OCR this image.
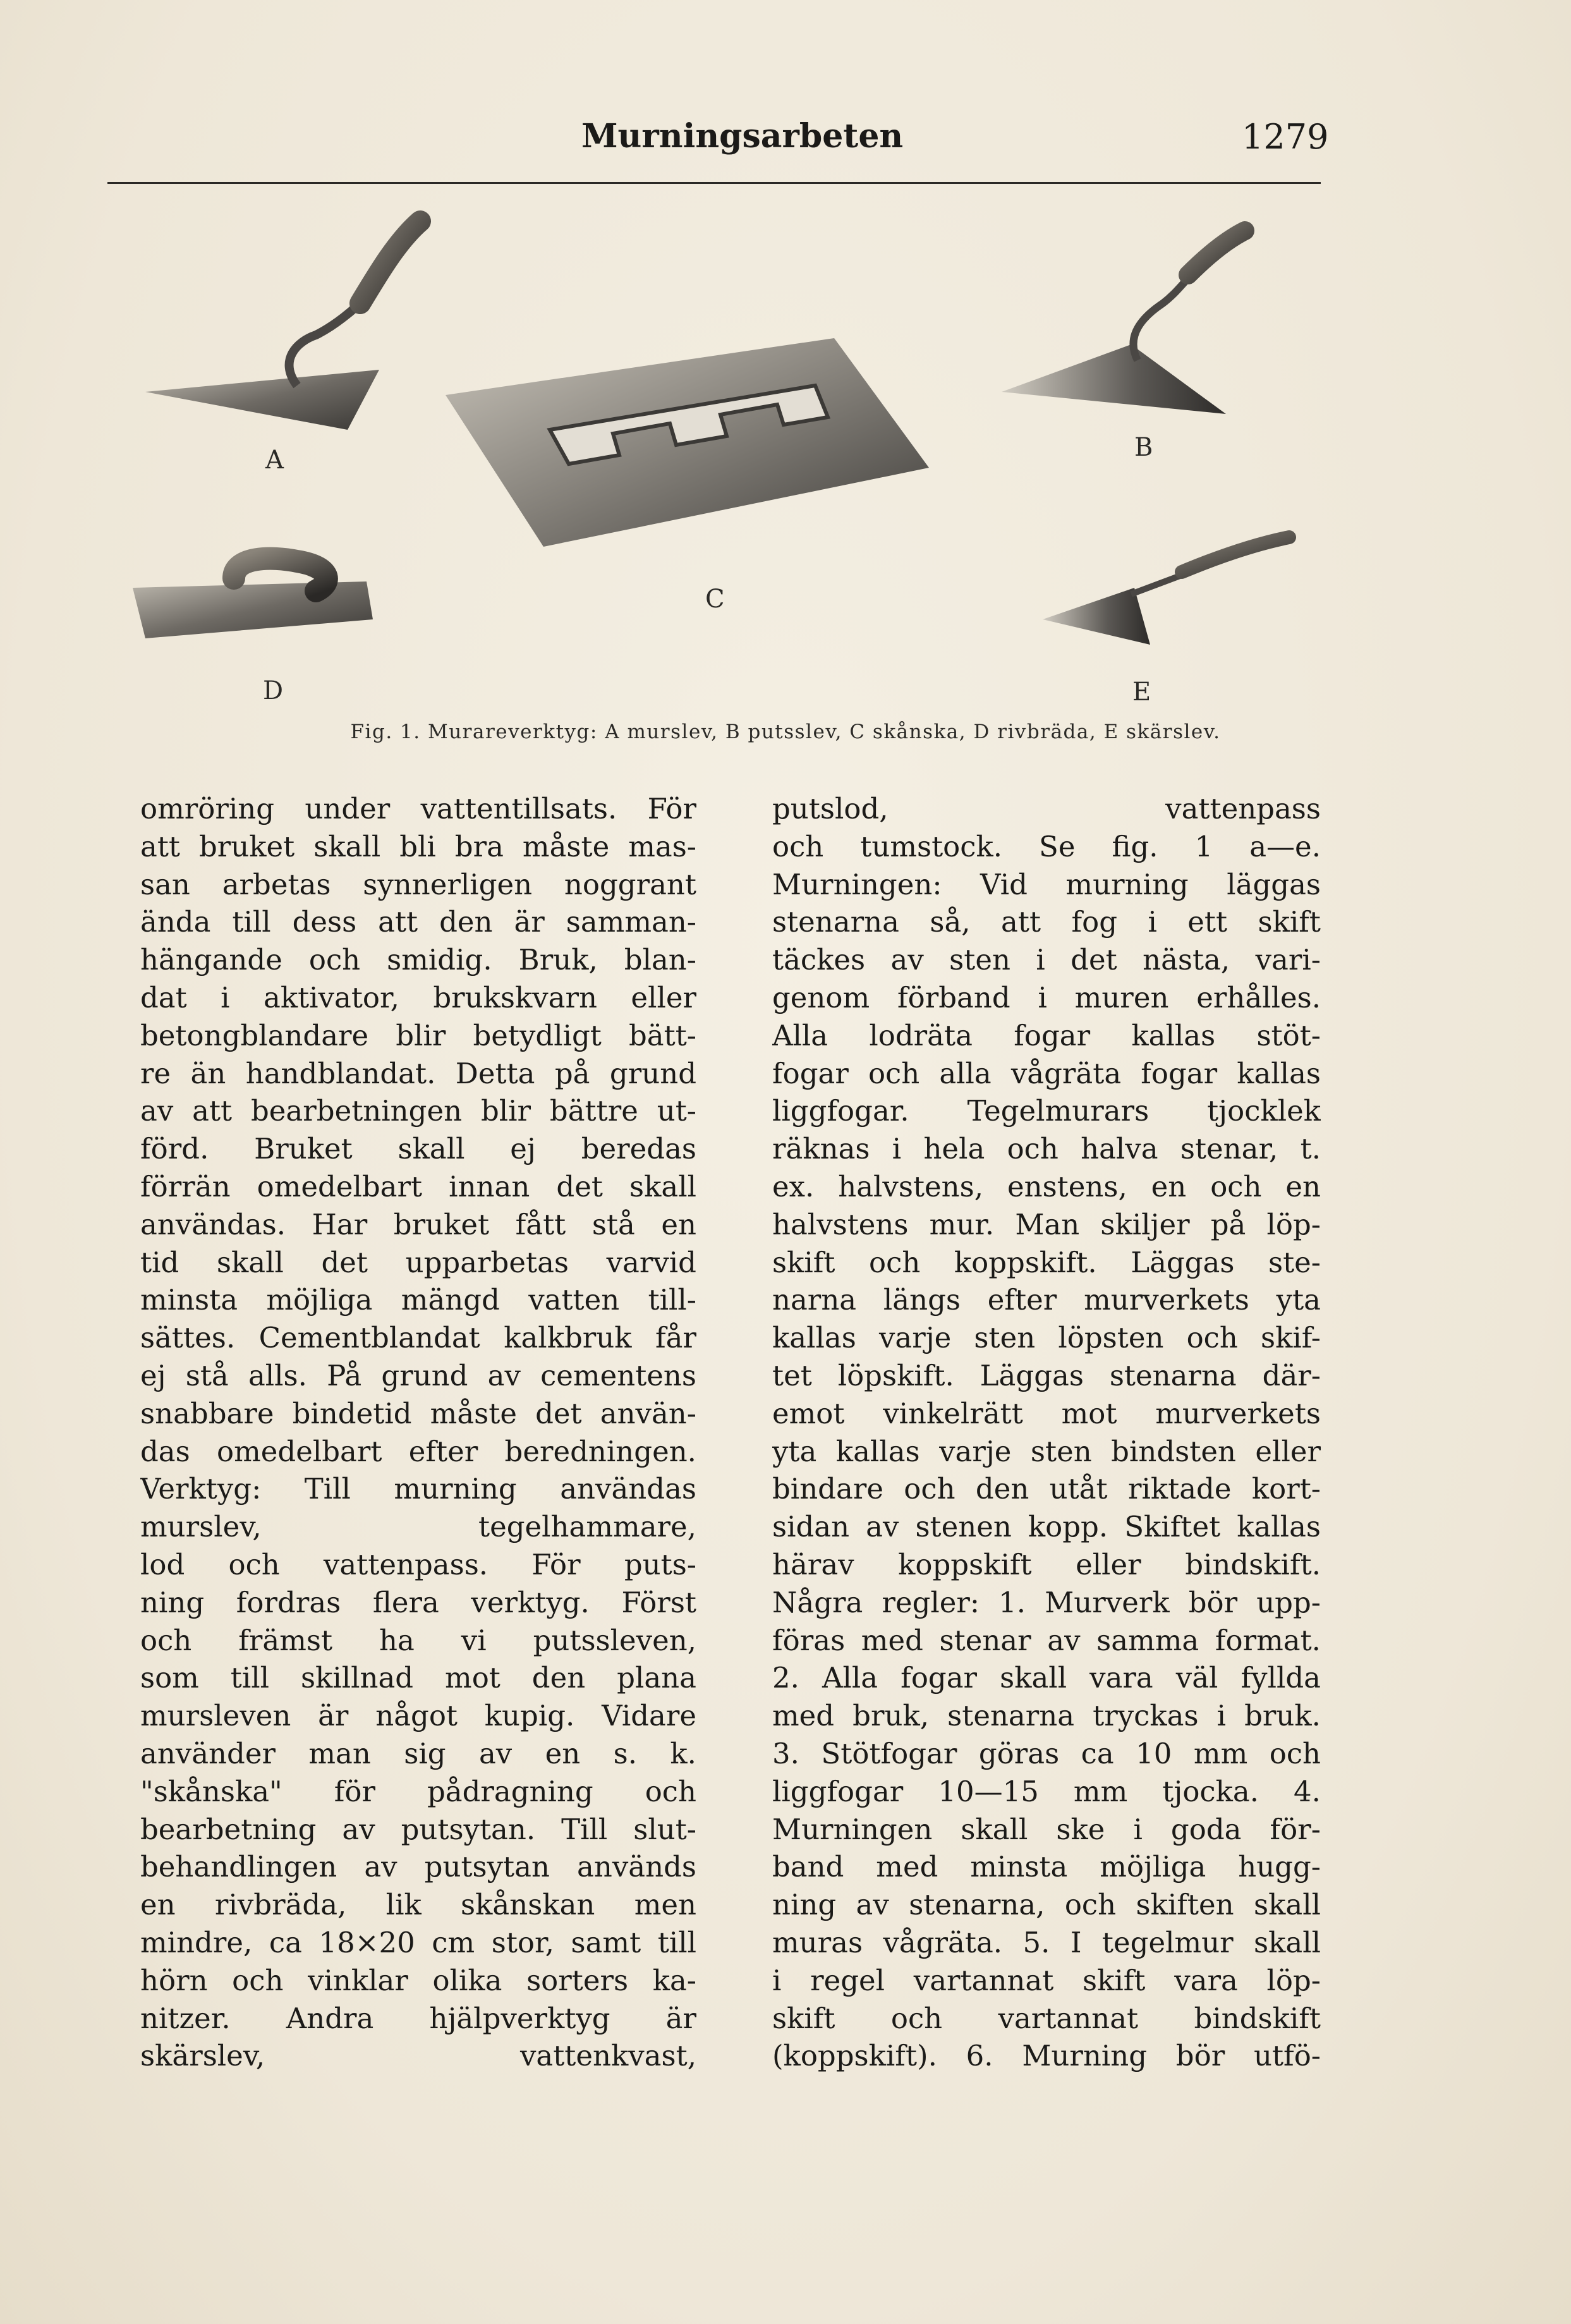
Murningsarbeten	1279
A	B
C
D	E
Fig. 1. Murareverktyg: A murslev, B putsslev, C skånska, D rivbräda, E skärslev.
omröring under vattentillsats. För
att bruket skall bli bra måste mas-
san arbetas synnerligen noggrant
ända till dess att den är samman-
hängande och smidig. Bruk, blan-
dat i aktivator, brukskvarn eller
betongblandare blir betydligt bätt-
re än handblandat. Detta på grund
av att bearbetningen blir bättre ut-
förd. Bruket skall ej beredas
förrän omedelbart innan det skall
användas. Har bruket fått stå en
tid skall det upparbetas varvid
minsta möjliga mängd vatten till-
sättes. Cementblandat kalkbruk får
ej stå alls. På grund av cementens
snabbare bindetid måste det använ-
das omedelbart efter beredningen.
Verktyg: Till murning användas
murslev, tegelhammare,
lod och vattenpass. För puts-
ning fordras flera verktyg. Först
och främst ha vi putssleven,
som till skillnad mot den plana
mursleven är något kupig. Vidare
använder man sig av en s. k.
"skånska" för pådragning och
bearbetning av putsytan. Till slut-
behandlingen av putsytan används
en rivbräda, lik skånskan men
mindre, ca 18×20 cm stor, samt till
hörn och vinklar olika sorters ka-
nitzer. Andra hjälpverktyg är
skärslev, vattenkvast,
putslod, vattenpass
och tumstock. Se fig. 1 a—e.
Murningen: Vid murning läggas
stenarna så, att fog i ett skift
täckes av sten i det nästa, vari-
genom förband i muren erhålles.
Alla lodräta fogar kallas stöt-
fogar och alla vågräta fogar kallas
liggfogar. Tegelmurars tjocklek
räknas i hela och halva stenar, t.
ex. halvstens, enstens, en och en
halvstens mur. Man skiljer på löp-
skift och koppskift. Läggas ste-
narna längs efter murverkets yta
kallas varje sten löpsten och skif-
tet löpskift. Läggas stenarna där-
emot vinkelrätt mot murverkets
yta kallas varje sten bindsten eller
bindare och den utåt riktade kort-
sidan av stenen kopp. Skiftet kallas
härav koppskift eller bindskift.
Några regler: 1. Murverk bör upp-
föras med stenar av samma format.
2. Alla fogar skall vara väl fyllda
med bruk, stenarna tryckas i bruk.
3. Stötfogar göras ca 10 mm och
liggfogar 10—15 mm tjocka. 4.
Murningen skall ske i goda för-
band med minsta möjliga hugg-
ning av stenarna, och skiften skall
muras vågräta. 5. I tegelmur skall
i regel vartannat skift vara löp-
skift och vartannat bindskift
(koppskift). 6. Murning bör utfö-
